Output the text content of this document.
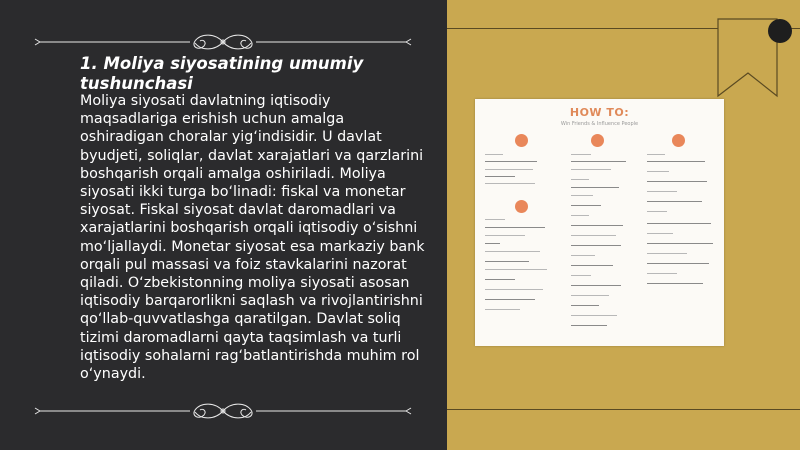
1. Moliya siyosatining umumiy tushunchasi

Moliya siyosati davlatning iqtisodiy maqsadlariga erishish uchun amalga oshiradigan choralar yig‘indisidir. U davlat byudjeti, soliqlar, davlat xarajatlari va qarzlarini boshqarish orqali amalga oshiriladi. Moliya siyosati ikki turga bo‘linadi: fiskal va monetar siyosat. Fiskal siyosat davlat daromadlari va xarajatlarini boshqarish orqali iqtisodiy o‘sishni mo‘ljallaydi. Monetar siyosat esa markaziy bank orqali pul massasi va foiz stavkalarini nazorat qiladi. O‘zbekistonning moliya siyosati asosan iqtisodiy barqarorlikni saqlash va rivojlantirishni qo‘llab-quvvatlashga qaratilgan. Davlat soliq tizimi daromadlarni qayta taqsimlash va turli iqtisodiy sohalarni rag‘batlantirishda muhim rol o‘ynaydi.

HOW TO:
Win Friends & Influence People
